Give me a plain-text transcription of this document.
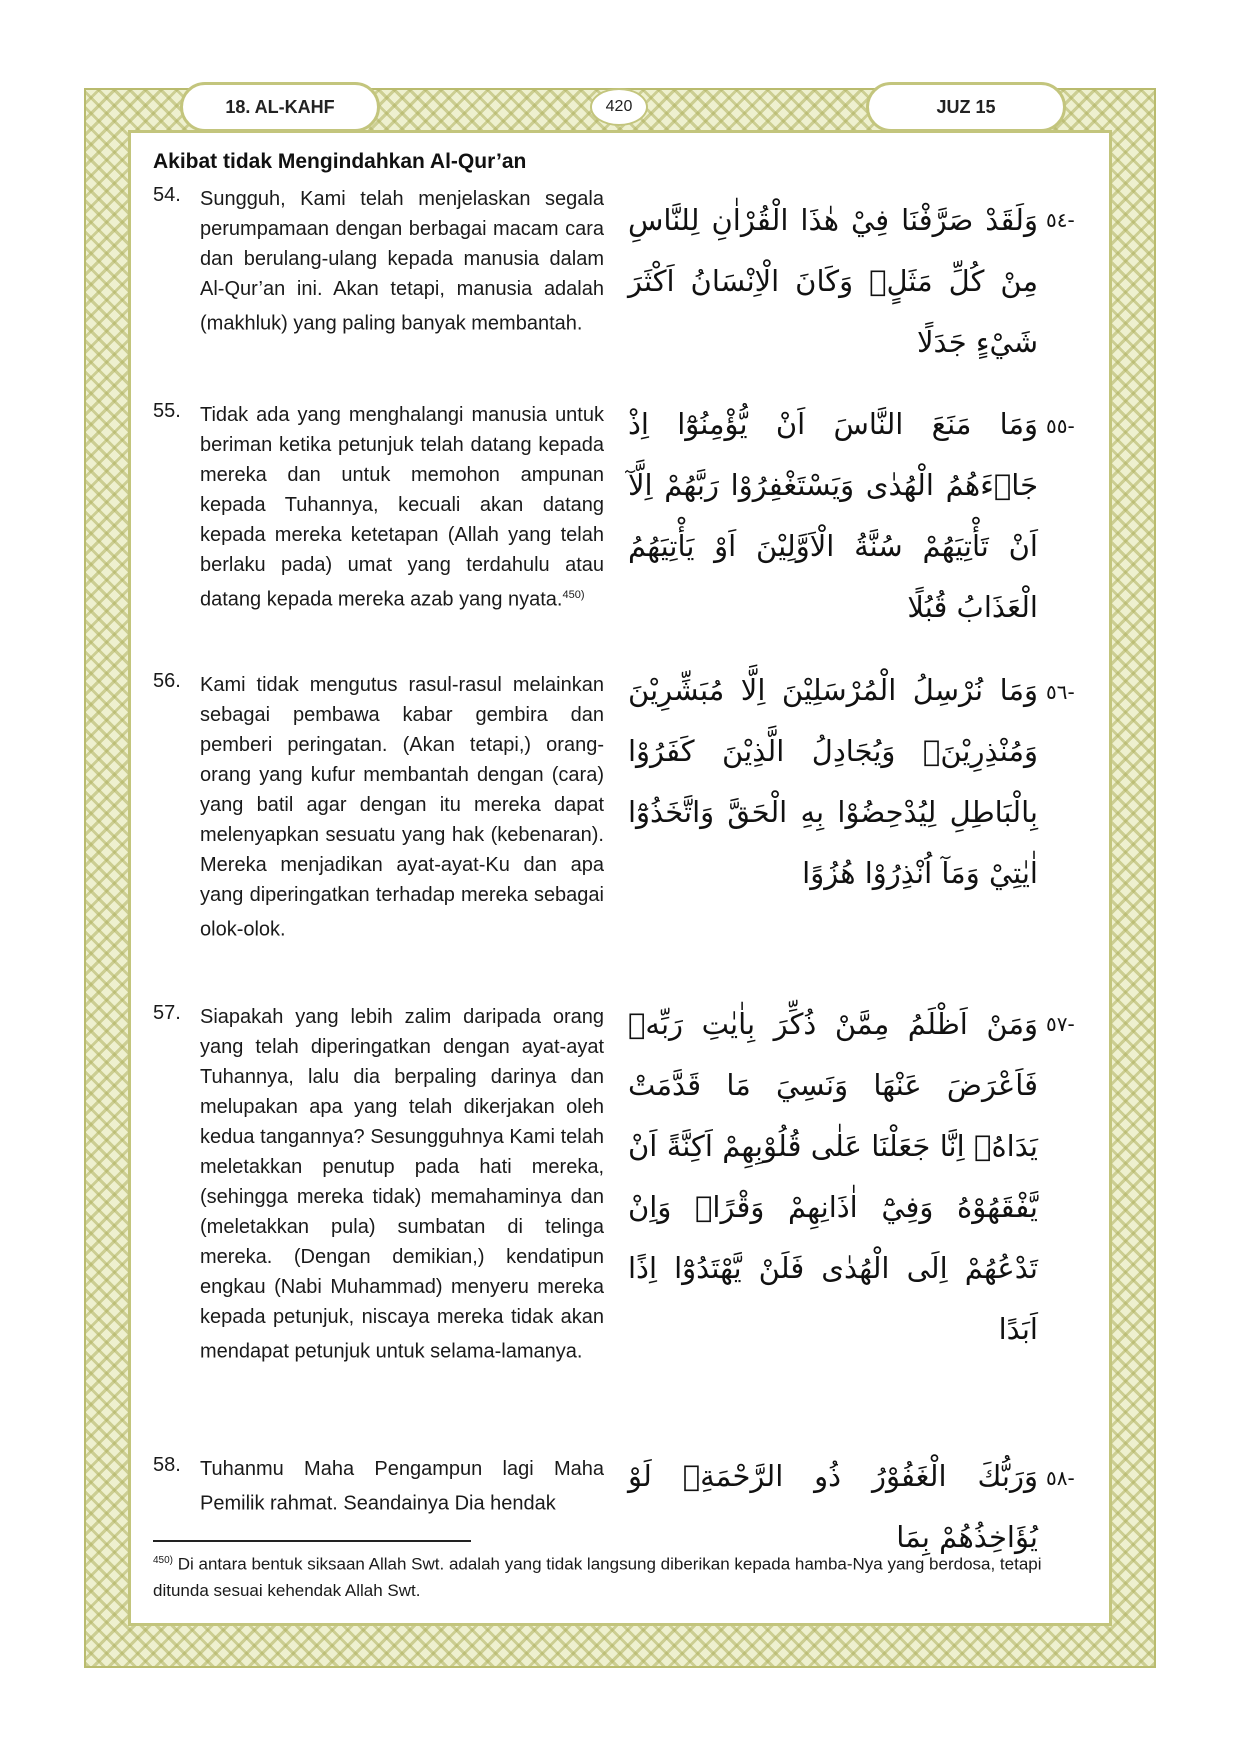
18. AL-KAHF	420	JUZ 15
Akibat tidak Mengindahkan Al-Qur’an
54. Sungguh, Kami telah menjelaskan segala perumpamaan dengan berbagai macam cara dan berulang-ulang kepada manusia dalam Al-Qur’an ini. Akan tetapi, manusia adalah (makhluk) yang paling banyak membantah.
-٥٤
وَلَقَدْ صَرَّفْنَا فِيْ هٰذَا الْقُرْاٰنِ لِلنَّاسِ مِنْ كُلِّ مَثَلٍۗ وَكَانَ الْاِنْسَانُ اَكْثَرَ شَيْءٍ جَدَلًا
55. Tidak ada yang menghalangi manusia untuk beriman ketika petunjuk telah datang kepada mereka dan untuk memohon ampunan kepada Tuhannya, kecuali akan datang kepada mereka ketetapan (Allah yang telah berlaku pada) umat yang terdahulu atau datang kepada mereka azab yang nyata.$^{450)}$
-٥٥
وَمَا مَنَعَ النَّاسَ اَنْ يُّؤْمِنُوْٓا اِذْ جَاۤءَهُمُ الْهُدٰى وَيَسْتَغْفِرُوْا رَبَّهُمْ اِلَّآ اَنْ تَأْتِيَهُمْ سُنَّةُ الْاَوَّلِيْنَ اَوْ يَأْتِيَهُمُ الْعَذَابُ قُبُلًا
56. Kami tidak mengutus rasul-rasul melainkan sebagai pembawa kabar gembira dan pemberi peringatan. (Akan tetapi,) orang-orang yang kufur membantah dengan (cara) yang batil agar dengan itu mereka dapat melenyapkan sesuatu yang hak (kebenaran). Mereka menjadikan ayat-ayat-Ku dan apa yang diperingatkan terhadap mereka sebagai olok-olok.
-٥٦
وَمَا نُرْسِلُ الْمُرْسَلِيْنَ اِلَّا مُبَشِّرِيْنَ وَمُنْذِرِيْنَۚ وَيُجَادِلُ الَّذِيْنَ كَفَرُوْا بِالْبَاطِلِ لِيُدْحِضُوْا بِهِ الْحَقَّ وَاتَّخَذُوْٓا اٰيٰتِيْ وَمَآ اُنْذِرُوْا هُزُوًا
57. Siapakah yang lebih zalim daripada orang yang telah diperingatkan dengan ayat-ayat Tuhannya, lalu dia berpaling darinya dan melupakan apa yang telah dikerjakan oleh kedua tangannya? Sesungguhnya Kami telah meletakkan penutup pada hati mereka, (sehingga mereka tidak) memahaminya dan (meletakkan pula) sumbatan di telinga mereka. (Dengan demikian,) kendatipun engkau (Nabi Muhammad) menyeru mereka kepada petunjuk, niscaya mereka tidak akan mendapat petunjuk untuk selama-lamanya.
-٥٧
وَمَنْ اَظْلَمُ مِمَّنْ ذُكِّرَ بِاٰيٰتِ رَبِّهٖ فَاَعْرَضَ عَنْهَا وَنَسِيَ مَا قَدَّمَتْ يَدَاهُۗ اِنَّا جَعَلْنَا عَلٰى قُلُوْبِهِمْ اَكِنَّةً اَنْ يَّفْقَهُوْهُ وَفِيْٓ اٰذَانِهِمْ وَقْرًاۗ وَاِنْ تَدْعُهُمْ اِلَى الْهُدٰى فَلَنْ يَّهْتَدُوْٓا اِذًا اَبَدًا
58. Tuhanmu Maha Pengampun lagi Maha Pemilik rahmat. Seandainya Dia hendak
-٥٨
وَرَبُّكَ الْغَفُوْرُ ذُو الرَّحْمَةِۗ لَوْ يُؤَاخِذُهُمْ بِمَا
$^{450)}$ Di antara bentuk siksaan Allah Swt. adalah yang tidak langsung diberikan kepada hamba-Nya yang berdosa, tetapi ditunda sesuai kehendak Allah Swt.
